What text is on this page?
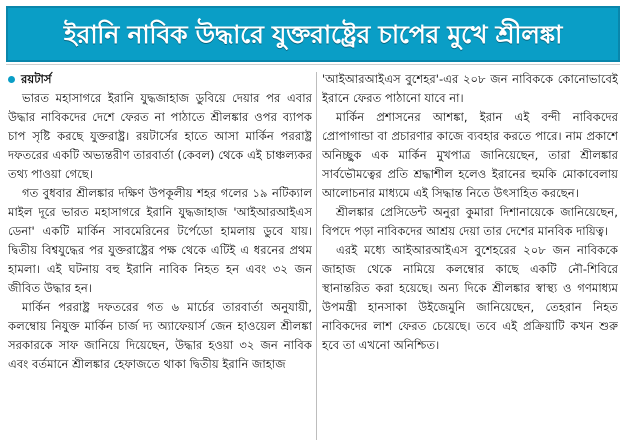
ইরানি নাবিক উদ্ধারে যুক্তরাষ্ট্রের চাপের মুখে শ্রীলঙ্কা
রয়টার্স

ভারত মহাসাগরে ইরানি যুদ্ধজাহাজ ডুবিয়ে দেয়ার পর এবার উদ্ধার নাবিকদের দেশে ফেরত না পাঠাতে শ্রীলঙ্কার ওপর ব্যাপক চাপ সৃষ্টি করছে যুক্তরাষ্ট্র। রয়টার্সের হাতে আসা মার্কিন পররাষ্ট্র দফতরের একটি অভ্যন্তরীণ তারবার্তা (কেবল) থেকে এই চাঞ্চল্যকর তথ্য পাওয়া গেছে।

গত বুধবার শ্রীলঙ্কার দক্ষিণ উপকূলীয় শহর গলের ১৯ নটিক্যাল মাইল দূরে ভারত মহাসাগরে ইরানি যুদ্ধজাহাজ 'আইআরআইএস ডেনা' একটি মার্কিন সাবমেরিনের টর্পেডো হামলায় ডুবে যায়। দ্বিতীয় বিশ্বযুদ্ধের পর যুক্তরাষ্ট্রের পক্ষ থেকে এটিই এ ধরনের প্রথম হামলা। এই ঘটনায় বহু ইরানি নাবিক নিহত হন এবং ৩২ জন জীবিত উদ্ধার হন।

মার্কিন পররাষ্ট্র দফতরের গত ৬ মার্চের তারবার্তা অনুযায়ী, কলম্বোয় নিযুক্ত মার্কিন চার্জ দ্য অ্যাফেয়ার্স জেন হাওয়েল শ্রীলঙ্কা সরকারকে সাফ জানিয়ে দিয়েছেন, উদ্ধার হওয়া ৩২ জন নাবিক এবং বর্তমানে শ্রীলঙ্কার হেফাজতে থাকা দ্বিতীয় ইরানি জাহাজ

'আইআরআইএস বুশেহর'-এর ২০৮ জন নাবিককে কোনোভাবেই ইরানে ফেরত পাঠানো যাবে না।

মার্কিন প্রশাসনের আশঙ্কা, ইরান এই বন্দী নাবিকদের প্রোপাগান্ডা বা প্রচারণার কাজে ব্যবহার করতে পারে। নাম প্রকাশে অনিচ্ছুক এক মার্কিন মুখপাত্র জানিয়েছেন, তারা শ্রীলঙ্কার সার্বভৌমত্বের প্রতি শ্রদ্ধাশীল হলেও ইরানের হুমকি মোকাবেলায় আলোচনার মাধ্যমে এই সিদ্ধান্ত নিতে উৎসাহিত করছেন।

শ্রীলঙ্কার প্রেসিডেন্ট অনুরা কুমারা দিশানায়েকে জানিয়েছেন, বিপদে পড়া নাবিকদের আশ্রয় দেয়া তার দেশের মানবিক দায়িত্ব।

এরই মধ্যে আইআরআইএস বুশেহরের ২০৮ জন নাবিককে জাহাজ থেকে নামিয়ে কলম্বোর কাছে একটি নৌ-শিবিরে স্থানান্তরিত করা হয়েছে। অন্য দিকে শ্রীলঙ্কার স্বাস্থ্য ও গণমাধ্যম উপমন্ত্রী হানসাকা উইজেমুনি জানিয়েছেন, তেহরান নিহত নাবিকদের লাশ ফেরত চেয়েছে। তবে এই প্রক্রিয়াটি কখন শুরু হবে তা এখনো অনিশ্চিত।
